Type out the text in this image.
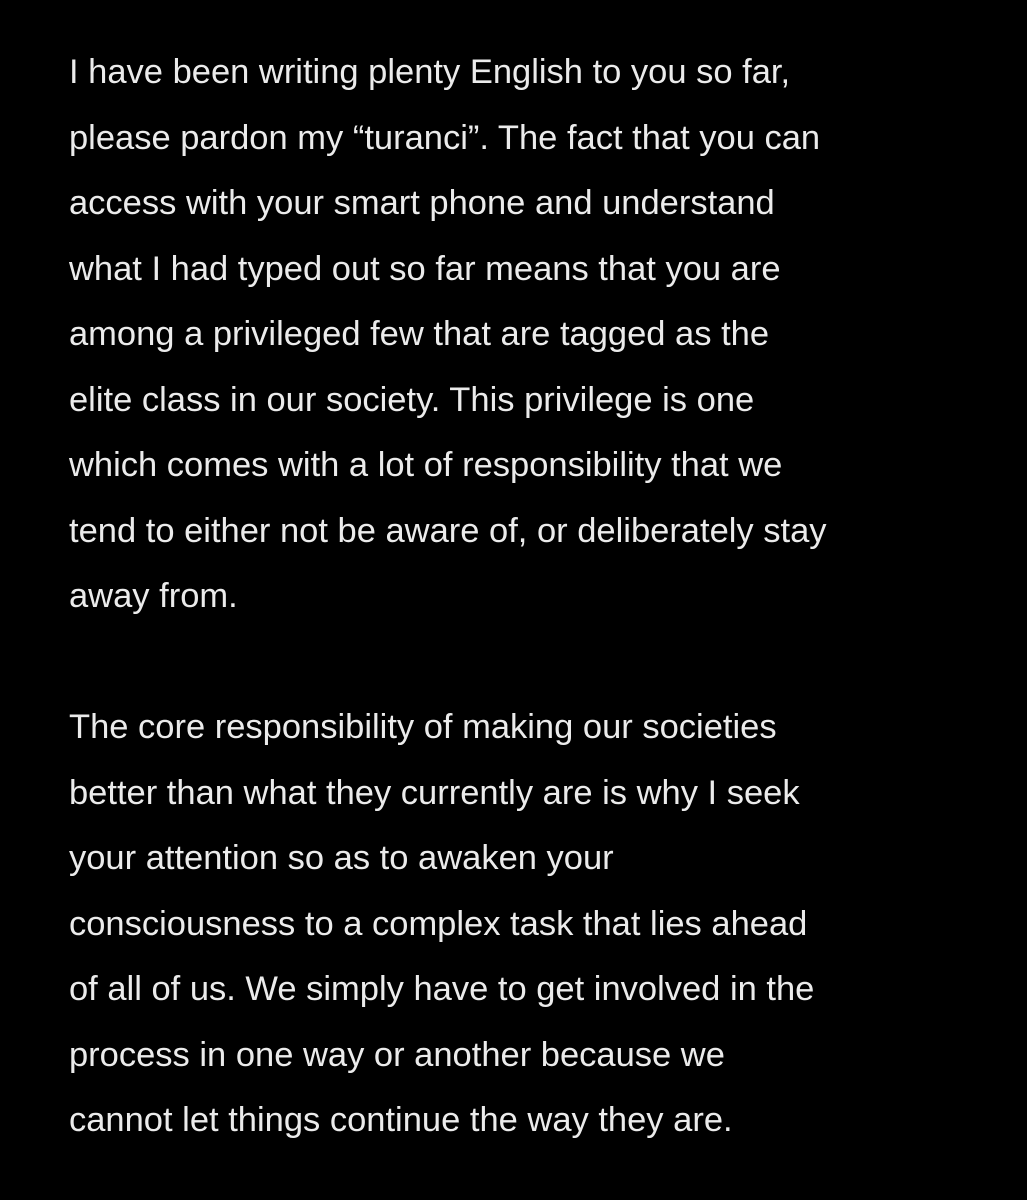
I have been writing plenty English to you so far,
please pardon my “turanci”. The fact that you can
access with your smart phone and understand
what I had typed out so far means that you are
among a privileged few that are tagged as the
elite class in our society. This privilege is one
which comes with a lot of responsibility that we
tend to either not be aware of, or deliberately stay
away from.
The core responsibility of making our societies
better than what they currently are is why I seek
your attention so as to awaken your
consciousness to a complex task that lies ahead
of all of us. We simply have to get involved in the
process in one way or another because we
cannot let things continue the way they are.
